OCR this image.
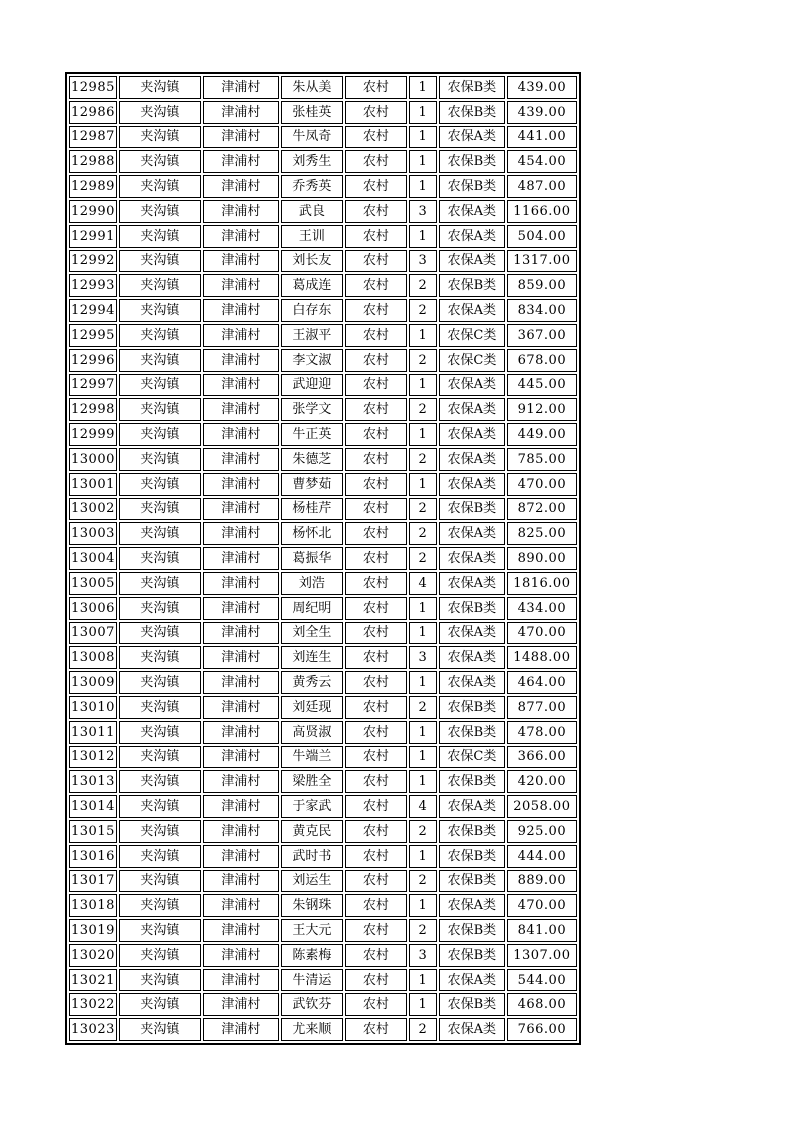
12985	夹沟镇	津浦村	朱从美	农村	1	农保B类	439.00
12986	夹沟镇	津浦村	张桂英	农村	1	农保B类	439.00
12987	夹沟镇	津浦村	牛凤奇	农村	1	农保A类	441.00
12988	夹沟镇	津浦村	刘秀生	农村	1	农保B类	454.00
12989	夹沟镇	津浦村	乔秀英	农村	1	农保B类	487.00
12990	夹沟镇	津浦村	武良	农村	3	农保A类	1166.00
12991	夹沟镇	津浦村	王训	农村	1	农保A类	504.00
12992	夹沟镇	津浦村	刘长友	农村	3	农保A类	1317.00
12993	夹沟镇	津浦村	葛成连	农村	2	农保B类	859.00
12994	夹沟镇	津浦村	白存东	农村	2	农保A类	834.00
12995	夹沟镇	津浦村	王淑平	农村	1	农保C类	367.00
12996	夹沟镇	津浦村	李文淑	农村	2	农保C类	678.00
12997	夹沟镇	津浦村	武迎迎	农村	1	农保A类	445.00
12998	夹沟镇	津浦村	张学文	农村	2	农保A类	912.00
12999	夹沟镇	津浦村	牛正英	农村	1	农保A类	449.00
13000	夹沟镇	津浦村	朱德芝	农村	2	农保A类	785.00
13001	夹沟镇	津浦村	曹梦茹	农村	1	农保A类	470.00
13002	夹沟镇	津浦村	杨桂芹	农村	2	农保B类	872.00
13003	夹沟镇	津浦村	杨怀北	农村	2	农保A类	825.00
13004	夹沟镇	津浦村	葛振华	农村	2	农保A类	890.00
13005	夹沟镇	津浦村	刘浩	农村	4	农保A类	1816.00
13006	夹沟镇	津浦村	周纪明	农村	1	农保B类	434.00
13007	夹沟镇	津浦村	刘全生	农村	1	农保A类	470.00
13008	夹沟镇	津浦村	刘连生	农村	3	农保A类	1488.00
13009	夹沟镇	津浦村	黄秀云	农村	1	农保A类	464.00
13010	夹沟镇	津浦村	刘廷现	农村	2	农保B类	877.00
13011	夹沟镇	津浦村	高贤淑	农村	1	农保B类	478.00
13012	夹沟镇	津浦村	牛端兰	农村	1	农保C类	366.00
13013	夹沟镇	津浦村	梁胜全	农村	1	农保B类	420.00
13014	夹沟镇	津浦村	于家武	农村	4	农保A类	2058.00
13015	夹沟镇	津浦村	黄克民	农村	2	农保B类	925.00
13016	夹沟镇	津浦村	武时书	农村	1	农保B类	444.00
13017	夹沟镇	津浦村	刘运生	农村	2	农保B类	889.00
13018	夹沟镇	津浦村	朱钢珠	农村	1	农保A类	470.00
13019	夹沟镇	津浦村	王大元	农村	2	农保B类	841.00
13020	夹沟镇	津浦村	陈素梅	农村	3	农保B类	1307.00
13021	夹沟镇	津浦村	牛清运	农村	1	农保A类	544.00
13022	夹沟镇	津浦村	武钦芬	农村	1	农保B类	468.00
13023	夹沟镇	津浦村	尤来顺	农村	2	农保A类	766.00
